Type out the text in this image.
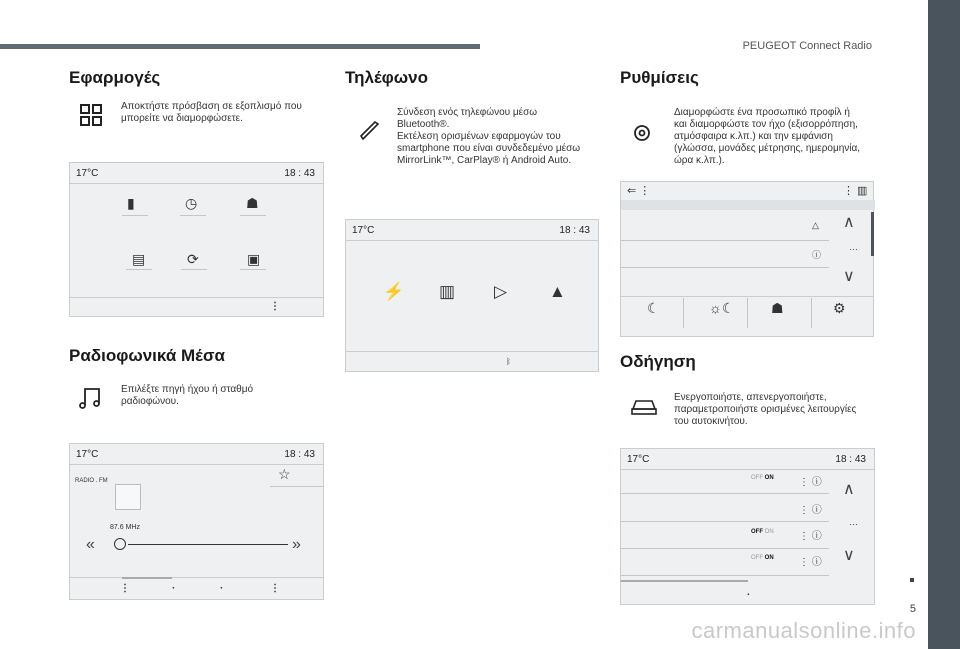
PEUGEOT Connect Radio
5
carmanualsonline.info
Εφαρμογές
Αποκτήστε πρόσβαση σε εξοπλισμό που
μπορείτε να διαμορφώσετε.
17°C	18 : 43
▮	◷	☗
▤	⟳	▣
⋮
Ραδιοφωνικά Μέσα
Επιλέξτε πηγή ήχου ή σταθμό
ραδιοφώνου.
17°C	18 : 43
☆
RADIO . FM
87.6 MHz
«	»
⋮	·	·	⋮
Τηλέφωνο
Σύνδεση ενός τηλεφώνου μέσω
Bluetooth®.
Εκτέλεση ορισμένων εφαρμογών του
smartphone που είναι συνδεδεμένο μέσω
MirrorLink™, CarPlay® ή Android Auto.
17°C	18 : 43
⚡ ▥ ▷ ▲
ᛒ
Ρυθμίσεις
Διαμορφώστε ένα προσωπικό προφίλ ή
και διαμορφώστε τον ήχο (εξισορρόπηση,
ατμόσφαιρα κ.λπ.) και την εμφάνιση
(γλώσσα, μονάδες μέτρησης, ημερομηνία,
ώρα κ.λπ.).
⇐ ⋮	⋮ ▥
△
ⓘ
∧
…
∨
☾	☼☾	☗	⚙
Οδήγηση
Ενεργοποιήστε, απενεργοποιήστε,
παραμετροποιήστε ορισμένες λειτουργίες
του αυτοκινήτου.
17°C	18 : 43
OFF ON	⋮ ⓘ
⋮ ⓘ
OFF ON	⋮ ⓘ
OFF ON	⋮ ⓘ
∧
…
∨
.
